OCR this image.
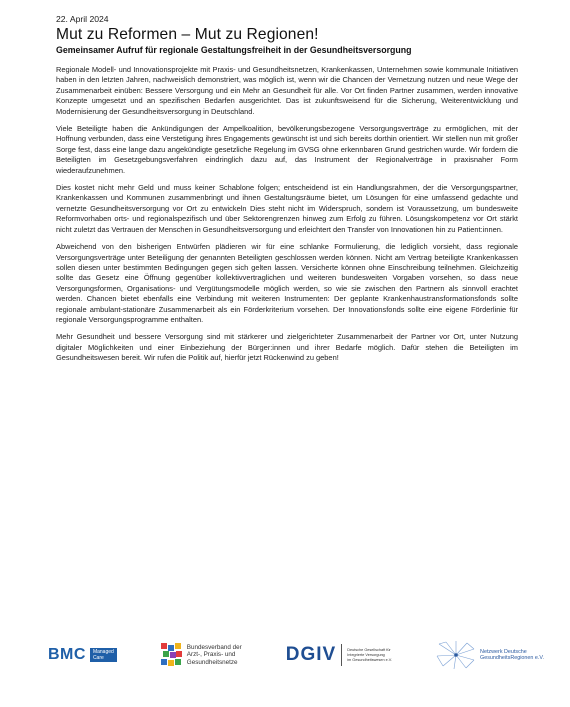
22. April 2024
Mut zu Reformen – Mut zu Regionen!
Gemeinsamer Aufruf für regionale Gestaltungsfreiheit in der Gesundheitsversorgung

Regionale Modell- und Innovationsprojekte mit Praxis- und Gesundheitsnetzen, Krankenkassen, Unternehmen sowie kommunale Initiativen haben in den letzten Jahren, nachweislich demonstriert, was möglich ist, wenn wir die Chancen der Vernetzung nutzen und neue Wege der Zusammenarbeit einüben: Bessere Versorgung und ein Mehr an Gesundheit für alle. Vor Ort finden Partner zusammen, werden innovative Konzepte umgesetzt und an spezifischen Bedarfen ausgerichtet. Das ist zukunftsweisend für die Sicherung, Weiterentwicklung und Modernisierung der Gesundheitsversorgung in Deutschland.

Viele Beteiligte haben die Ankündigungen der Ampelkoalition, bevölkerungsbezogene Versorgungsverträge zu ermöglichen, mit der Hoffnung verbunden, dass eine Verstetigung ihres Engagements gewünscht ist und sich bereits dorthin orientiert. Wir stellen nun mit großer Sorge fest, dass eine lange dazu angekündigte gesetzliche Regelung im GVSG ohne erkennbaren Grund gestrichen wurde. Wir fordern die Beteiligten im Gesetzgebungsverfahren eindringlich dazu auf, das Instrument der Regionalverträge in praxisnaher Form wiederaufzunehmen.

Dies kostet nicht mehr Geld und muss keiner Schablone folgen; entscheidend ist ein Handlungsrahmen, der die Versorgungspartner, Krankenkassen und Kommunen zusammenbringt und ihnen Gestaltungsräume bietet, um Lösungen für eine umfassend gedachte und vernetzte Gesundheitsversorgung vor Ort zu entwickeln Dies steht nicht im Widerspruch, sondern ist Voraussetzung, um bundesweite Reformvorhaben orts- und regionalspezifisch und über Sektorengrenzen hinweg zum Erfolg zu führen. Lösungskompetenz vor Ort stärkt nicht zuletzt das Vertrauen der Menschen in Gesundheitsversorgung und erleichtert den Transfer von Innovationen hin zu Patient:innen.

Abweichend von den bisherigen Entwürfen plädieren wir für eine schlanke Formulierung, die lediglich vorsieht, dass regionale Versorgungsverträge unter Beteiligung der genannten Beteiligten geschlossen werden können. Nicht am Vertrag beteiligte Krankenkassen sollen diesen unter bestimmten Bedingungen gegen sich gelten lassen. Versicherte können ohne Einschreibung teilnehmen. Gleichzeitig sollte das Gesetz eine Öffnung gegenüber kollektivvertraglichen und weiteren bundesweiten Vorgaben vorsehen, so dass neue Versorgungsformen, Organisations- und Vergütungsmodelle möglich werden, so wie sie zwischen den Partnern als sinnvoll erachtet werden. Chancen bietet ebenfalls eine Verbindung mit weiteren Instrumenten: Der geplante Krankenhaustransformationsfonds sollte regionale ambulant-stationäre Zusammenarbeit als ein Förderkriterium vorsehen. Der Innovationsfonds sollte eine eigene Förderlinie für regionale Versorgungsprogramme enthalten.

Mehr Gesundheit und bessere Versorgung sind mit stärkerer und zielgerichteter Zusammenarbeit der Partner vor Ort, unter Nutzung digitaler Möglichkeiten und einer Einbeziehung der Bürger:innen und ihrer Bedarfe möglich. Dafür stehen die Beteiligten im Gesundheitswesen bereit. Wir rufen die Politik auf, hierfür jetzt Rückenwind zu geben!

BMC Managed
Care
Bundesverband der
Arzt-, Praxis- und
Gesundheitsnetze	DGIV	Deutsche Gesellschaft für
Integrierte Versorgung
im Gesundheitswesen e.V.
Netzwerk Deutsche
GesundheitsRegionen e.V.
